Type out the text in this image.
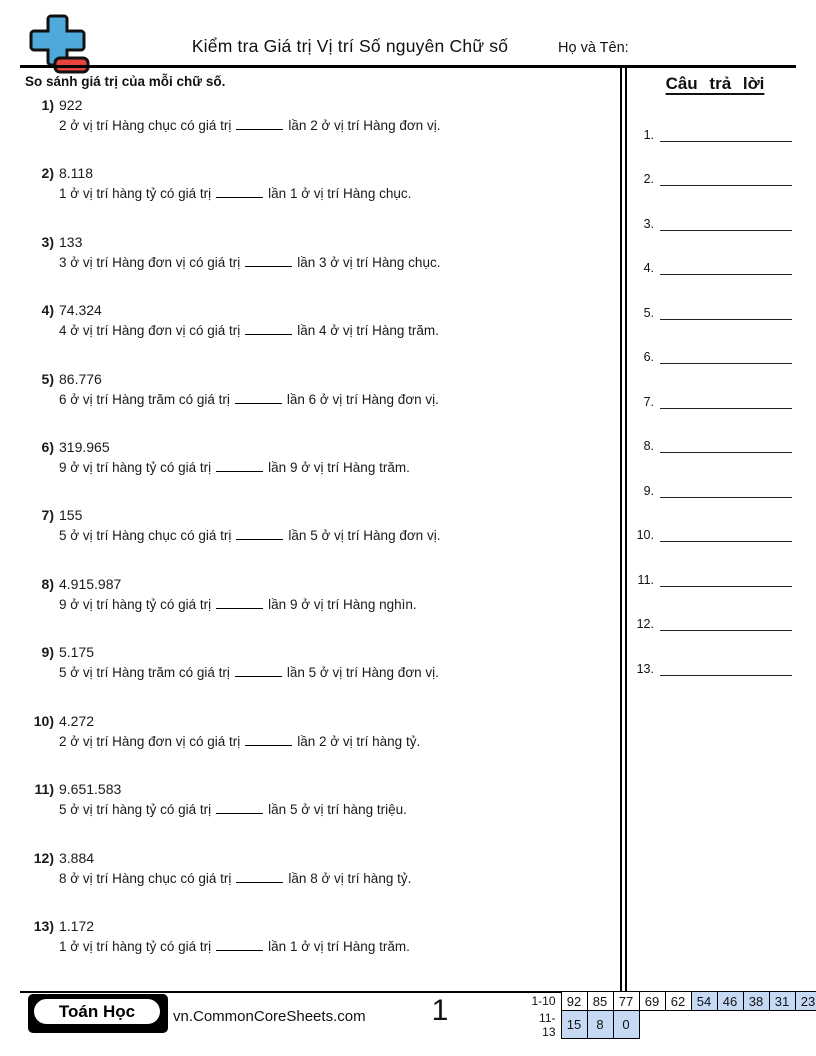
Kiểm tra Giá trị Vị trí Số nguyên Chữ số	Họ và Tên:
So sánh giá trị của mỗi chữ số.
1) 922
2 ở vị trí Hàng chục có giá trị	lần 2 ở vị trí Hàng đơn vị.
2) 8.118
1 ở vị trí hàng tỷ có giá trị	lần 1 ở vị trí Hàng chục.
3) 133
3 ở vị trí Hàng đơn vị có giá trị	lần 3 ở vị trí Hàng chục.
4) 74.324
4 ở vị trí Hàng đơn vị có giá trị	lần 4 ở vị trí Hàng trăm.
5) 86.776
6 ở vị trí Hàng trăm có giá trị	lần 6 ở vị trí Hàng đơn vị.
6) 319.965
9 ở vị trí hàng tỷ có giá trị	lần 9 ở vị trí Hàng trăm.
7) 155
5 ở vị trí Hàng chục có giá trị	lần 5 ở vị trí Hàng đơn vị.
8) 4.915.987
9 ở vị trí hàng tỷ có giá trị	lần 9 ở vị trí Hàng nghìn.
9) 5.175
5 ở vị trí Hàng trăm có giá trị	lần 5 ở vị trí Hàng đơn vị.
10) 4.272
2 ở vị trí Hàng đơn vị có giá trị	lần 2 ở vị trí hàng tỷ.
11) 9.651.583
5 ở vị trí hàng tỷ có giá trị	lần 5 ở vị trí hàng triệu.
12) 3.884
8 ở vị trí Hàng chục có giá trị	lần 8 ở vị trí hàng tỷ.
13) 1.172
1 ở vị trí hàng tỷ có giá trị	lần 1 ở vị trí Hàng trăm.
Câu trả lời
1.
2.
3.
4.
5.
6.
7.
8.
9.
10.
11.
12.
13.
Toán Học	vn.CommonCoreSheets.com	1	1-10	92	85	77	69	62	54	46	38	31	23
11-13	15	8	0							
